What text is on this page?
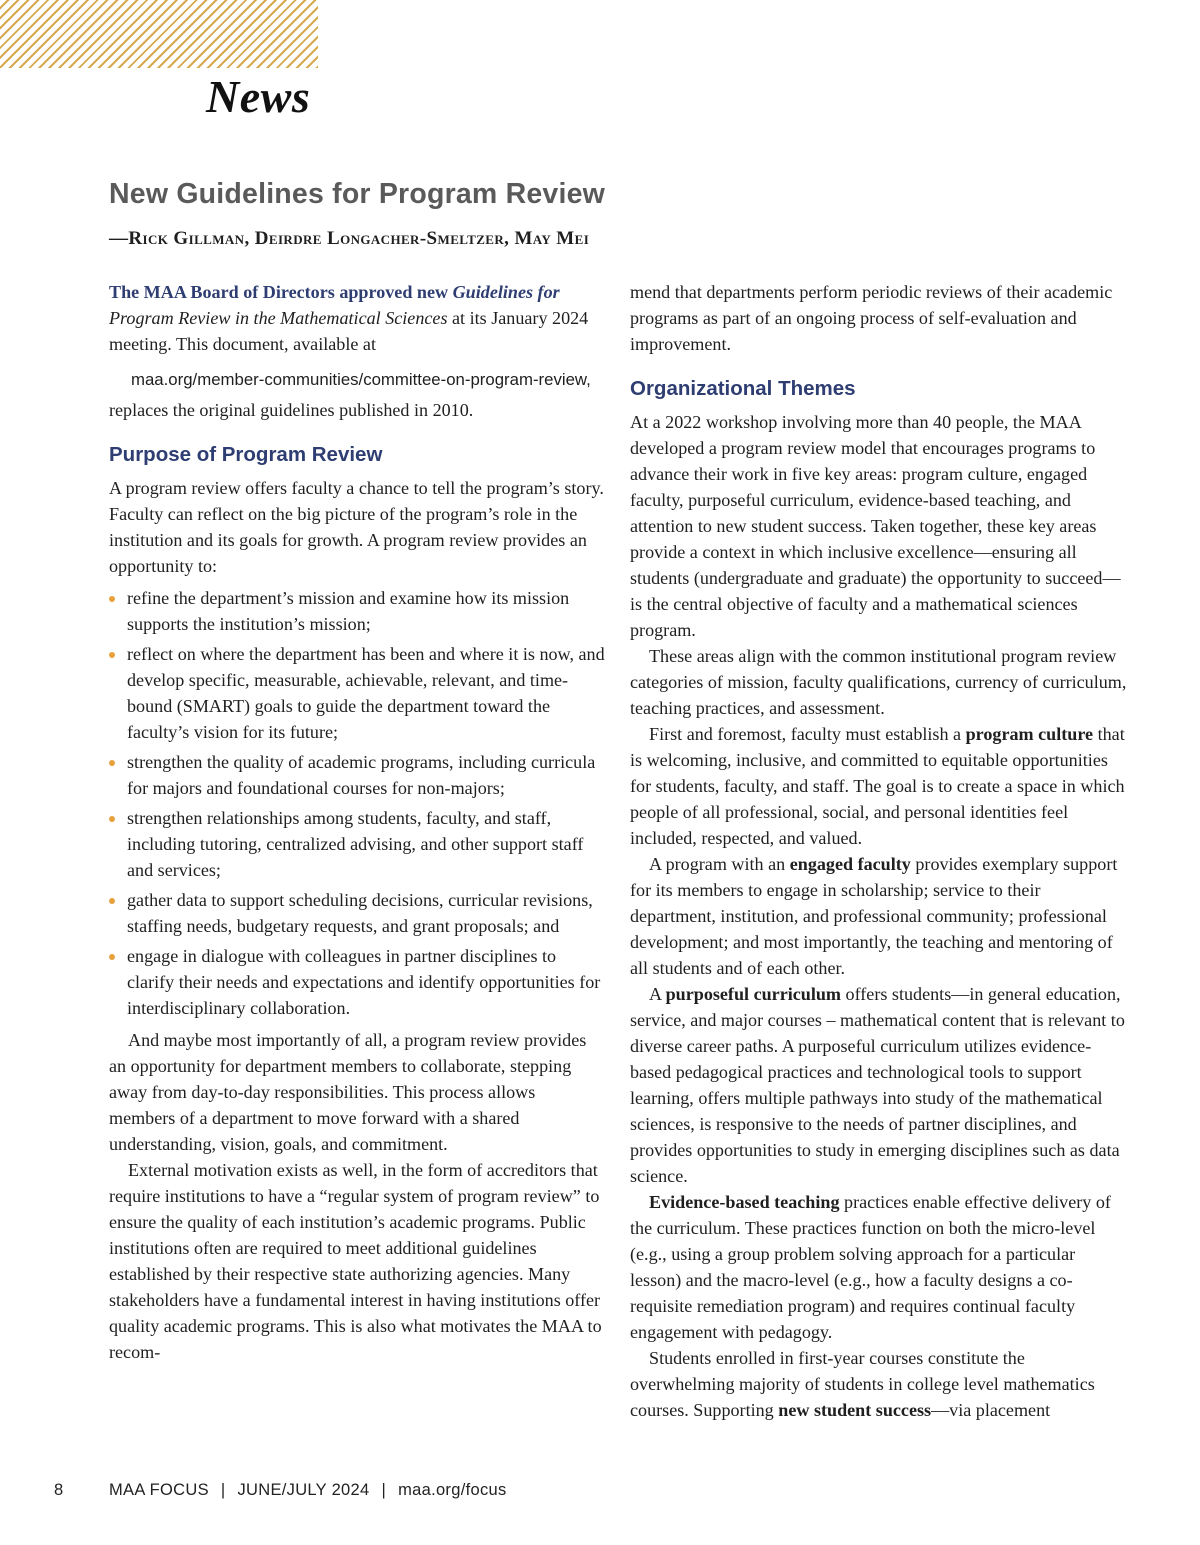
News
New Guidelines for Program Review

—Rick Gillman, Deirdre Longacher-Smeltzer, May Mei

The MAA Board of Directors approved new Guidelines for Program Review in the Mathematical Sciences at its January 2024 meeting. This document, available at

maa.org/member-communities/committee-on-program-review,

replaces the original guidelines published in 2010.

Purpose of Program Review

A program review offers faculty a chance to tell the program’s story. Faculty can reflect on the big picture of the program’s role in the institution and its goals for growth. A program review provides an opportunity to:

refine the department’s mission and examine how its mission supports the institution’s mission;
reflect on where the department has been and where it is now, and develop specific, measurable, achievable, relevant, and time-bound (SMART) goals to guide the department toward the faculty’s vision for its future;
strengthen the quality of academic programs, including curricula for majors and foundational courses for non-majors;
strengthen relationships among students, faculty, and staff, including tutoring, centralized advising, and other support staff and services;
gather data to support scheduling decisions, curricular revisions, staffing needs, budgetary requests, and grant proposals; and
engage in dialogue with colleagues in partner disciplines to clarify their needs and expectations and identify opportunities for interdisciplinary collaboration.

And maybe most importantly of all, a program review provides an opportunity for department members to collaborate, stepping away from day-to-day responsibilities. This process allows members of a department to move forward with a shared understanding, vision, goals, and commitment.

External motivation exists as well, in the form of accreditors that require institutions to have a “regular system of program review” to ensure the quality of each institution’s academic programs. Public institutions often are required to meet additional guidelines established by their respective state authorizing agencies. Many stakeholders have a fundamental interest in having institutions offer quality academic programs. This is also what motivates the MAA to recom-

mend that departments perform periodic reviews of their academic programs as part of an ongoing process of self-evaluation and improvement.

Organizational Themes

At a 2022 workshop involving more than 40 people, the MAA developed a program review model that encourages programs to advance their work in five key areas: program culture, engaged faculty, purposeful curriculum, evidence-based teaching, and attention to new student success. Taken together, these key areas provide a context in which inclusive excellence—ensuring all students (undergraduate and graduate) the opportunity to succeed—is the central objective of faculty and a mathematical sciences program.

These areas align with the common institutional program review categories of mission, faculty qualifications, currency of curriculum, teaching practices, and assessment.

First and foremost, faculty must establish a program culture that is welcoming, inclusive, and committed to equitable opportunities for students, faculty, and staff. The goal is to create a space in which people of all professional, social, and personal identities feel included, respected, and valued.

A program with an engaged faculty provides exemplary support for its members to engage in scholarship; service to their department, institution, and professional community; professional development; and most importantly, the teaching and mentoring of all students and of each other.

A purposeful curriculum offers students—in general education, service, and major courses – mathematical content that is relevant to diverse career paths. A purposeful curriculum utilizes evidence-based pedagogical practices and technological tools to support learning, offers multiple pathways into study of the mathematical sciences, is responsive to the needs of partner disciplines, and provides opportunities to study in emerging disciplines such as data science.

Evidence-based teaching practices enable effective delivery of the curriculum. These practices function on both the micro-level (e.g., using a group problem solving approach for a particular lesson) and the macro-level (e.g., how a faculty designs a co-requisite remediation program) and requires continual faculty engagement with pedagogy.

Students enrolled in first-year courses constitute the overwhelming majority of students in college level mathematics courses. Supporting new student success—via placement

8	MAA FOCUS | JUNE/JULY 2024 | maa.org/focus
